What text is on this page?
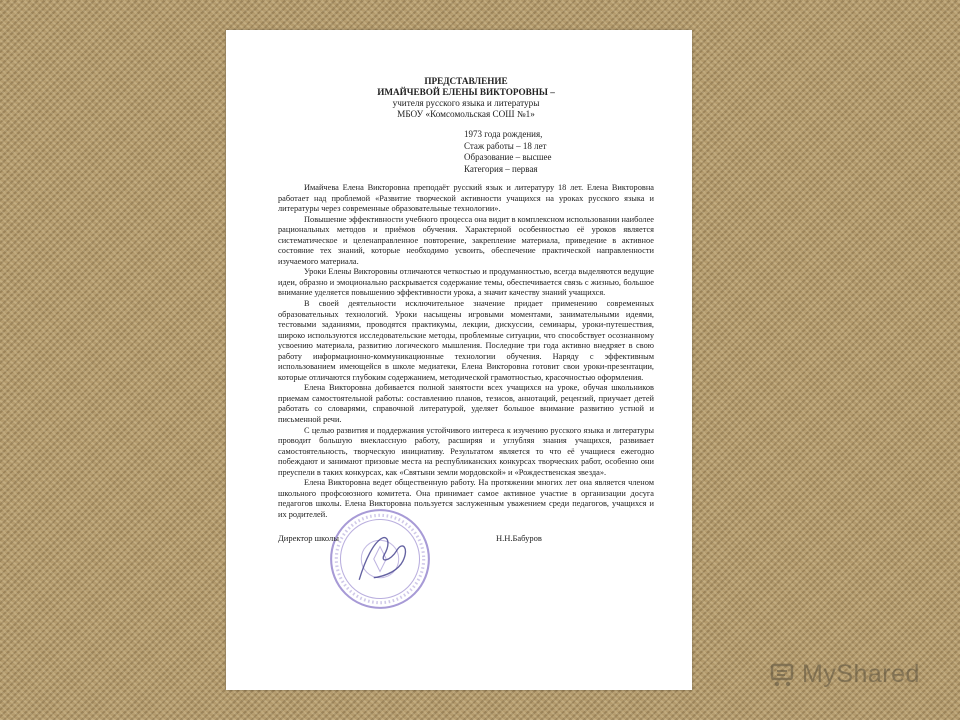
ПРЕДСТАВЛЕНИЕ
ИМАЙЧЕВОЙ ЕЛЕНЫ ВИКТОРОВНЫ –
учителя русского языка и литературы
МБОУ «Комсомольская СОШ №1»
1973 года рождения,
Стаж работы – 18 лет
Образование – высшее
Категория – первая

Имайчева Елена Викторовна преподаёт русский язык и литературу 18 лет. Елена Викторовна работает над проблемой «Развитие творческой активности учащихся на уроках русского языка и литературы через современные образовательные технологии».

Повышение эффективности учебного процесса она видит в комплексном использовании наиболее рациональных методов и приёмов обучения. Характерной особенностью её уроков является систематическое и целенаправленное повторение, закрепление материала, приведение в активное состояние тех знаний, которые необходимо усвоить, обеспечение практической направленности изучаемого материала.

Уроки Елены Викторовны отличаются четкостью и продуманностью, всегда выделяются ведущие идеи, образно и эмоционально раскрывается содержание темы, обеспечивается связь с жизнью, большое внимание уделяется повышению эффективности урока, а значит качеству знаний учащихся.

В своей деятельности исключительное значение придает применению современных образовательных технологий. Уроки насыщены игровыми моментами, занимательными идеями, тестовыми заданиями, проводятся практикумы, лекции, дискуссии, семинары, уроки-путешествия, широко используются исследовательские методы, проблемные ситуации, что способствует осознанному усвоению материала, развитию логического мышления. Последние три года активно внедряет в свою работу информационно-коммуникационные технологии обучения. Наряду с эффективным использованием имеющейся в школе медиатеки, Елена Викторовна готовит свои уроки-презентации, которые отличаются глубоким содержанием, методической грамотностью, красочностью оформления.

Елена Викторовна добивается полной занятости всех учащихся на уроке, обучая школьников приемам самостоятельной работы: составлению планов, тезисов, аннотаций, рецензий, приучает детей работать со словарями, справочной литературой, уделяет большое внимание развитию устной и письменной речи.

С целью развития и поддержания устойчивого интереса к изучению русского языка и литературы проводит большую внеклассную работу, расширяя и углубляя знания учащихся, развивает самостоятельность, творческую инициативу. Результатом является то что её учащиеся ежегодно побеждают и занимают призовые места на республиканских конкурсах творческих работ, особенно они преуспели в таких конкурсах, как «Святыни земли мордовской» и «Рождественская звезда».

Елена Викторовна ведет общественную работу. На протяжении многих лет она является членом школьного профсоюзного комитета. Она принимает самое активное участие в организации досуга педагогов школы. Елена Викторовна пользуется заслуженным уважением среди педагогов, учащихся и их родителей.

Директор школы	Н.Н.Бабуров
MyShared
